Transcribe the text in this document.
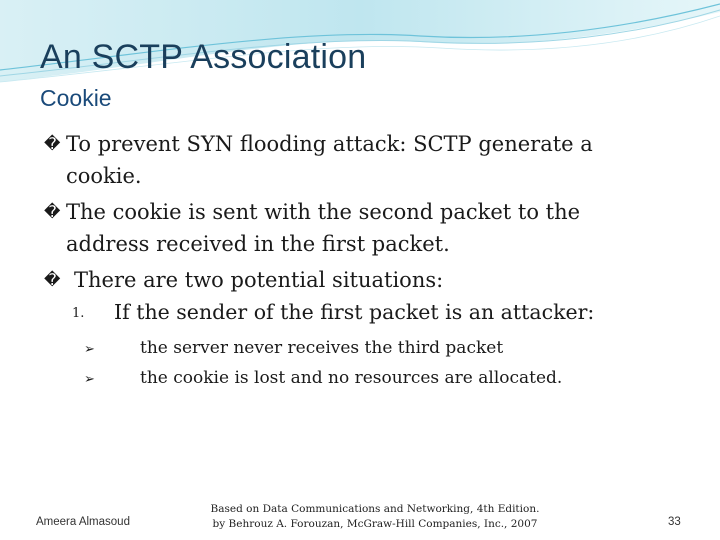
An SCTP Association
Cookie
� To prevent SYN flooding attack: SCTP generate a
cookie.
� The cookie is sent with the second packet to the
address received in the first packet.
� There are two potential situations:
1. If the sender of the first packet is an attacker:
➢	the server never receives the third packet
➢	the cookie is lost and no resources are allocated.
Ameera Almasoud
Based on Data Communications and Networking, 4th Edition.
by Behrouz A. Forouzan, McGraw-Hill Companies, Inc., 2007	33
